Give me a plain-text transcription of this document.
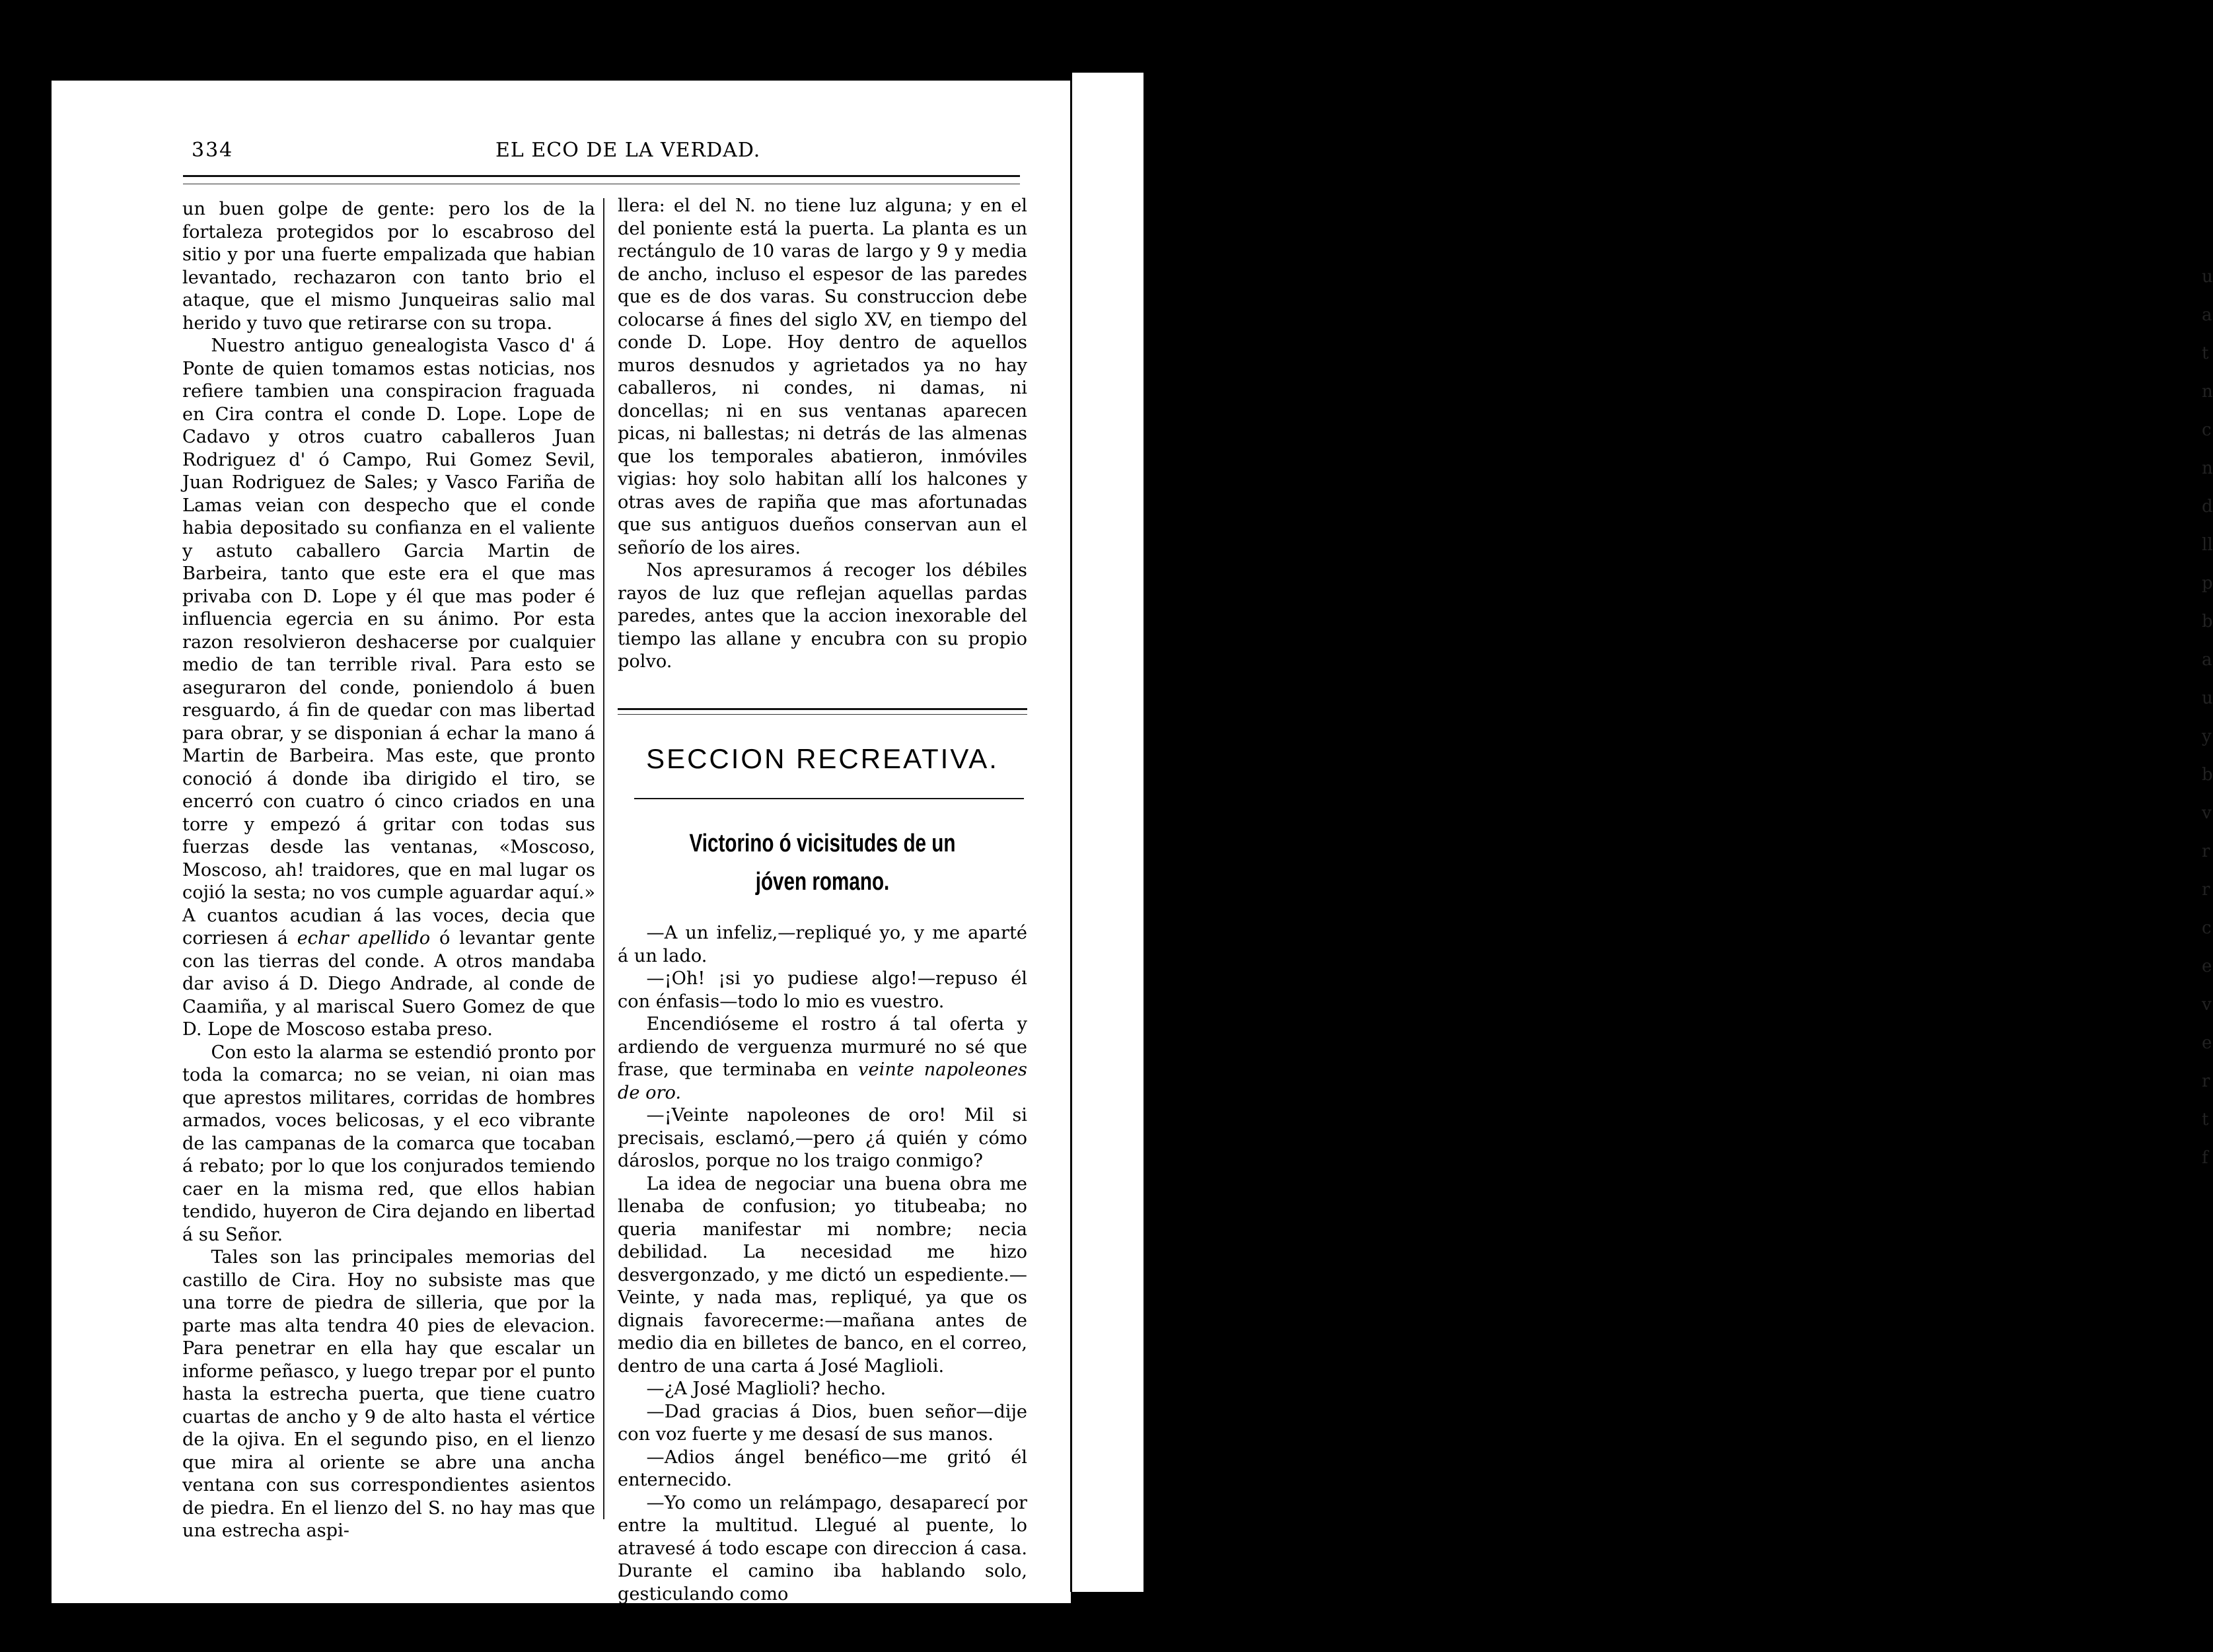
u
a
t
n
c
n
d
ll
p
b
a
u
y
b
v
r
r
c
e
v
e
r
t
f
334	EL ECO DE LA VERDAD.

un buen golpe de gente: pero los de la fortaleza protegidos por lo escabroso del sitio y por una fuerte empalizada que habian levantado, rechazaron con tanto brio el ataque, que el mismo Junqueiras salio mal herido y tuvo que retirarse con su tropa.

Nuestro antiguo genealogista Vasco d' á Ponte de quien tomamos estas noticias, nos refiere tambien una conspiracion fraguada en Cira contra el conde D. Lope. Lope de Cadavo y otros cuatro caballeros Juan Rodriguez d' ó Campo, Rui Gomez Sevil, Juan Rodriguez de Sales; y Vasco Fariña de Lamas veian con despecho que el conde habia depositado su confianza en el valiente y astuto caballero Garcia Martin de Barbeira, tanto que este era el que mas privaba con D. Lope y él que mas poder é influencia egercia en su ánimo. Por esta razon resolvieron deshacerse por cualquier medio de tan terrible rival. Para esto se aseguraron del conde, poniendolo á buen resguardo, á fin de quedar con mas libertad para obrar, y se disponian á echar la mano á Martin de Barbeira. Mas este, que pronto conoció á donde iba dirigido el tiro, se encerró con cuatro ó cinco criados en una torre y empezó á gritar con todas sus fuerzas desde las ventanas, «Moscoso, Moscoso, ah! traidores, que en mal lugar os cojió la sesta; no vos cumple aguardar aquí.» A cuantos acudian á las voces, decia que corriesen á echar apellido ó levantar gente con las tierras del conde. A otros mandaba dar aviso á D. Diego Andrade, al conde de Caamiña, y al mariscal Suero Gomez de que D. Lope de Moscoso estaba preso.

Con esto la alarma se estendió pronto por toda la comarca; no se veian, ni oian mas que aprestos militares, corridas de hombres armados, voces belicosas, y el eco vibrante de las campanas de la comarca que tocaban á rebato; por lo que los conjurados temiendo caer en la misma red, que ellos habian tendido, huyeron de Cira dejando en libertad á su Señor.

Tales son las principales memorias del castillo de Cira. Hoy no subsiste mas que una torre de piedra de silleria, que por la parte mas alta tendra 40 pies de elevacion. Para penetrar en ella hay que escalar un informe peñasco, y luego trepar por el punto hasta la estrecha puerta, que tiene cuatro cuartas de ancho y 9 de alto hasta el vértice de la ojiva. En el segundo piso, en el lienzo que mira al oriente se abre una ancha ventana con sus correspondientes asientos de piedra. En el lienzo del S. no hay mas que una estrecha aspi-

llera: el del N. no tiene luz alguna; y en el del poniente está la puerta. La planta es un rectángulo de 10 varas de largo y 9 y media de ancho, incluso el espesor de las paredes que es de dos varas. Su construccion debe colocarse á fines del siglo XV, en tiempo del conde D. Lope. Hoy dentro de aquellos muros desnudos y agrietados ya no hay caballeros, ni condes, ni damas, ni doncellas; ni en sus ventanas aparecen picas, ni ballestas; ni detrás de las almenas que los temporales abatieron, inmóviles vigias: hoy solo habitan allí los halcones y otras aves de rapiña que mas afortunadas que sus antiguos dueños conservan aun el señorío de los aires.

Nos apresuramos á recoger los débiles rayos de luz que reflejan aquellas pardas paredes, antes que la accion inexorable del tiempo las allane y encubra con su propio polvo.

SECCION RECREATIVA.
Victorino ó vicisitudes de un jóven romano.

—A un infeliz,—repliqué yo, y me aparté á un lado.

—¡Oh! ¡si yo pudiese algo!—repuso él con énfasis—todo lo mio es vuestro.

Encendióseme el rostro á tal oferta y ardiendo de verguenza murmuré no sé que frase, que terminaba en veinte napoleones de oro.

—¡Veinte napoleones de oro! Mil si precisais, esclamó,—pero ¿á quién y cómo dároslos, porque no los traigo conmigo?

La idea de negociar una buena obra me llenaba de confusion; yo titubeaba; no queria manifestar mi nombre; necia debilidad. La necesidad me hizo desvergonzado, y me dictó un espediente.—Veinte, y nada mas, repliqué, ya que os dignais favorecerme:—mañana antes de medio dia en billetes de banco, en el correo, dentro de una carta á José Maglioli.

—¿A José Maglioli? hecho.

—Dad gracias á Dios, buen señor—dije con voz fuerte y me desasí de sus manos.

—Adios ángel benéfico—me gritó él enternecido.

—Yo como un relámpago, desaparecí por entre la multitud. Llegué al puente, lo atravesé á todo escape con direccion á casa. Durante el camino iba hablando solo, gesticulando como
